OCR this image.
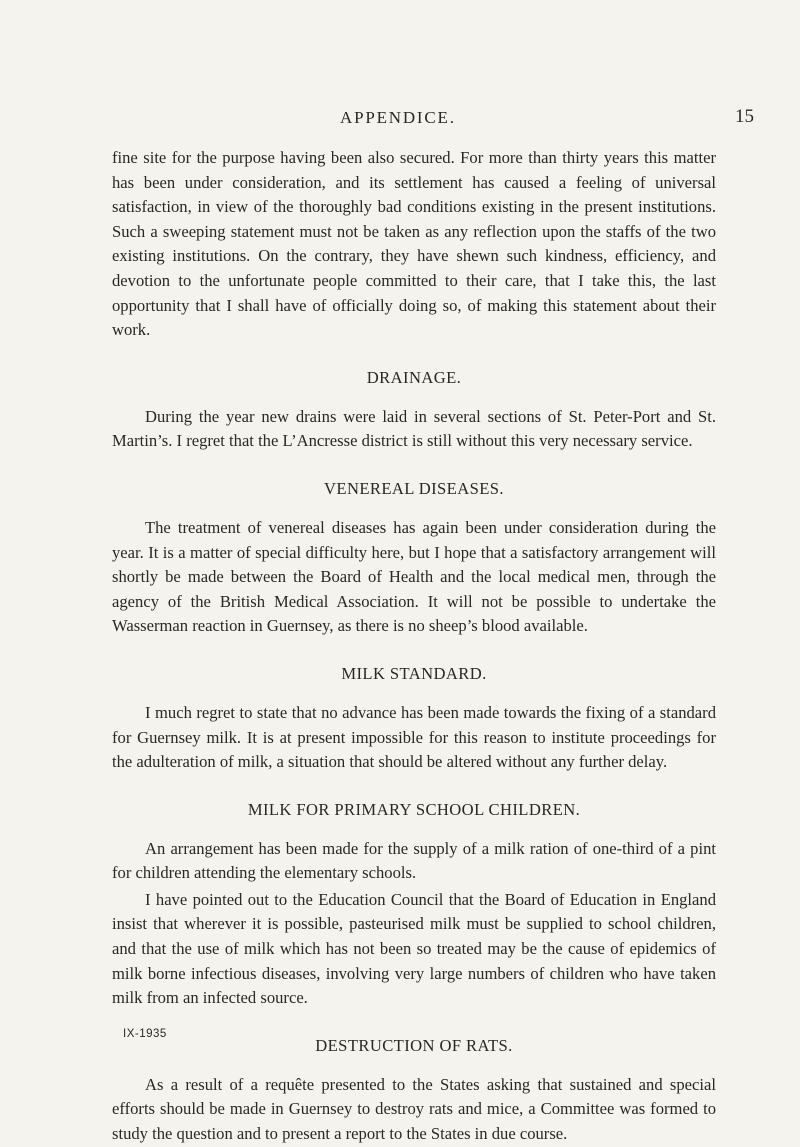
APPENDICE.	15

fine site for the purpose having been also secured. For more than thirty years this matter has been under consideration, and its settlement has caused a feeling of universal satisfaction, in view of the thoroughly bad conditions existing in the present institutions. Such a sweeping statement must not be taken as any reflection upon the staffs of the two existing institutions. On the contrary, they have shewn such kindness, efficiency, and devotion to the unfortunate people committed to their care, that I take this, the last opportunity that I shall have of officially doing so, of making this statement about their work.

DRAINAGE.

During the year new drains were laid in several sections of St. Peter-Port and St. Martin’s. I regret that the L’Ancresse district is still without this very necessary service.

VENEREAL DISEASES.

The treatment of venereal diseases has again been under consideration during the year. It is a matter of special difficulty here, but I hope that a satisfactory arrangement will shortly be made between the Board of Health and the local medical men, through the agency of the British Medical Association. It will not be possible to undertake the Wasserman reaction in Guernsey, as there is no sheep’s blood available.

MILK STANDARD.

I much regret to state that no advance has been made towards the fixing of a standard for Guernsey milk. It is at present impossible for this reason to institute proceedings for the adulteration of milk, a situation that should be altered without any further delay.

MILK FOR PRIMARY SCHOOL CHILDREN.

An arrangement has been made for the supply of a milk ration of one-third of a pint for children attending the elementary schools.

I have pointed out to the Education Council that the Board of Education in England insist that wherever it is possible, pasteurised milk must be supplied to school children, and that the use of milk which has not been so treated may be the cause of epidemics of milk borne infectious diseases, involving very large numbers of children who have taken milk from an infected source.

DESTRUCTION OF RATS.

As a result of a requête presented to the States asking that sustained and special efforts should be made in Guernsey to destroy rats and mice, a Committee was formed to study the question and to present a report to the States in due course.

IX-1935
